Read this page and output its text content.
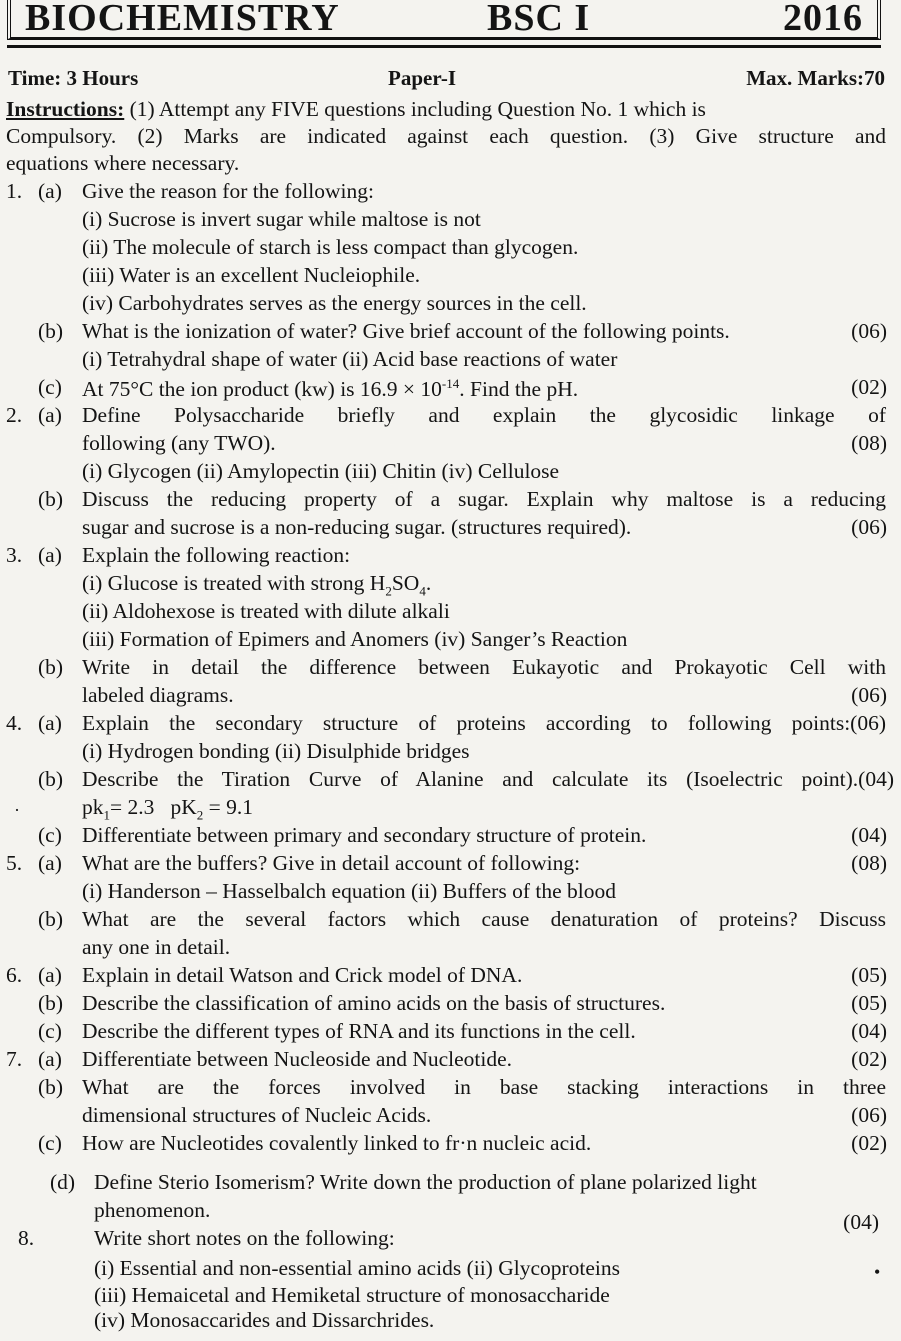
BIOCHEMISTRY	BSC I	2016
Time: 3 Hours	Paper-I	Max. Marks:70
Instructions: (1) Attempt any FIVE questions including Question No. 1 which is
Compulsory. (2) Marks are indicated against each question. (3) Give structure and
equations where necessary.
1. (a) Give the reason for the following:
(i) Sucrose is invert sugar while maltose is not
(ii) The molecule of starch is less compact than glycogen.
(iii) Water is an excellent Nucleiophile.
(iv) Carbohydrates serves as the energy sources in the cell.
(b) What is the ionization of water? Give brief account of the following points.	(06)
(i) Tetrahydral shape of water (ii) Acid base reactions of water
(c) At 75°C the ion product (kw) is $16.9 \times 10^{-14}$. Find the pH.	(02)
2. (a) Define Polysaccharide briefly and explain the glycosidic linkage of
following (any TWO).	(08)
(i) Glycogen (ii) Amylopectin (iii) Chitin (iv) Cellulose
(b) Discuss the reducing property of a sugar. Explain why maltose is a reducing
sugar and sucrose is a non-reducing sugar. (structures required).	(06)
3. (a) Explain the following reaction:
(i) Glucose is treated with strong $H_2SO_4$.
(ii) Aldohexose is treated with dilute alkali
(iii) Formation of Epimers and Anomers (iv) Sanger’s Reaction
(b) Write in detail the difference between Eukayotic and Prokayotic Cell with
labeled diagrams.	(06)
4. (a) Explain the secondary structure of proteins according to following points:(06)
(i) Hydrogen bonding (ii) Disulphide bridges
(b) Describe the Tiration Curve of Alanine and calculate its (Isoelectric point).(04)
·	$pk_1= 2.3$ $pK_2 = 9.1$
(c) Differentiate between primary and secondary structure of protein.	(04)
5. (a) What are the buffers? Give in detail account of following:	(08)
(i) Handerson – Hasselbalch equation (ii) Buffers of the blood
(b) What are the several factors which cause denaturation of proteins? Discuss
any one in detail.
6. (a) Explain in detail Watson and Crick model of DNA.	(05)
(b) Describe the classification of amino acids on the basis of structures.	(05)
(c) Describe the different types of RNA and its functions in the cell.	(04)
7. (a) Differentiate between Nucleoside and Nucleotide.	(02)
(b) What are the forces involved in base stacking interactions in three
dimensional structures of Nucleic Acids.	(06)
(c) How are Nucleotides covalently linked to fr·n nucleic acid.	(02)
(d) Define Sterio Isomerism? Write down the production of plane polarized light
phenomenon.	(04)
8.	Write short notes on the following:
(i) Essential and non-essential amino acids (ii) Glycoproteins	•
(iii) Hemaicetal and Hemiketal structure of monosaccharide
(iv) Monosaccarides and Dissarchrides.
